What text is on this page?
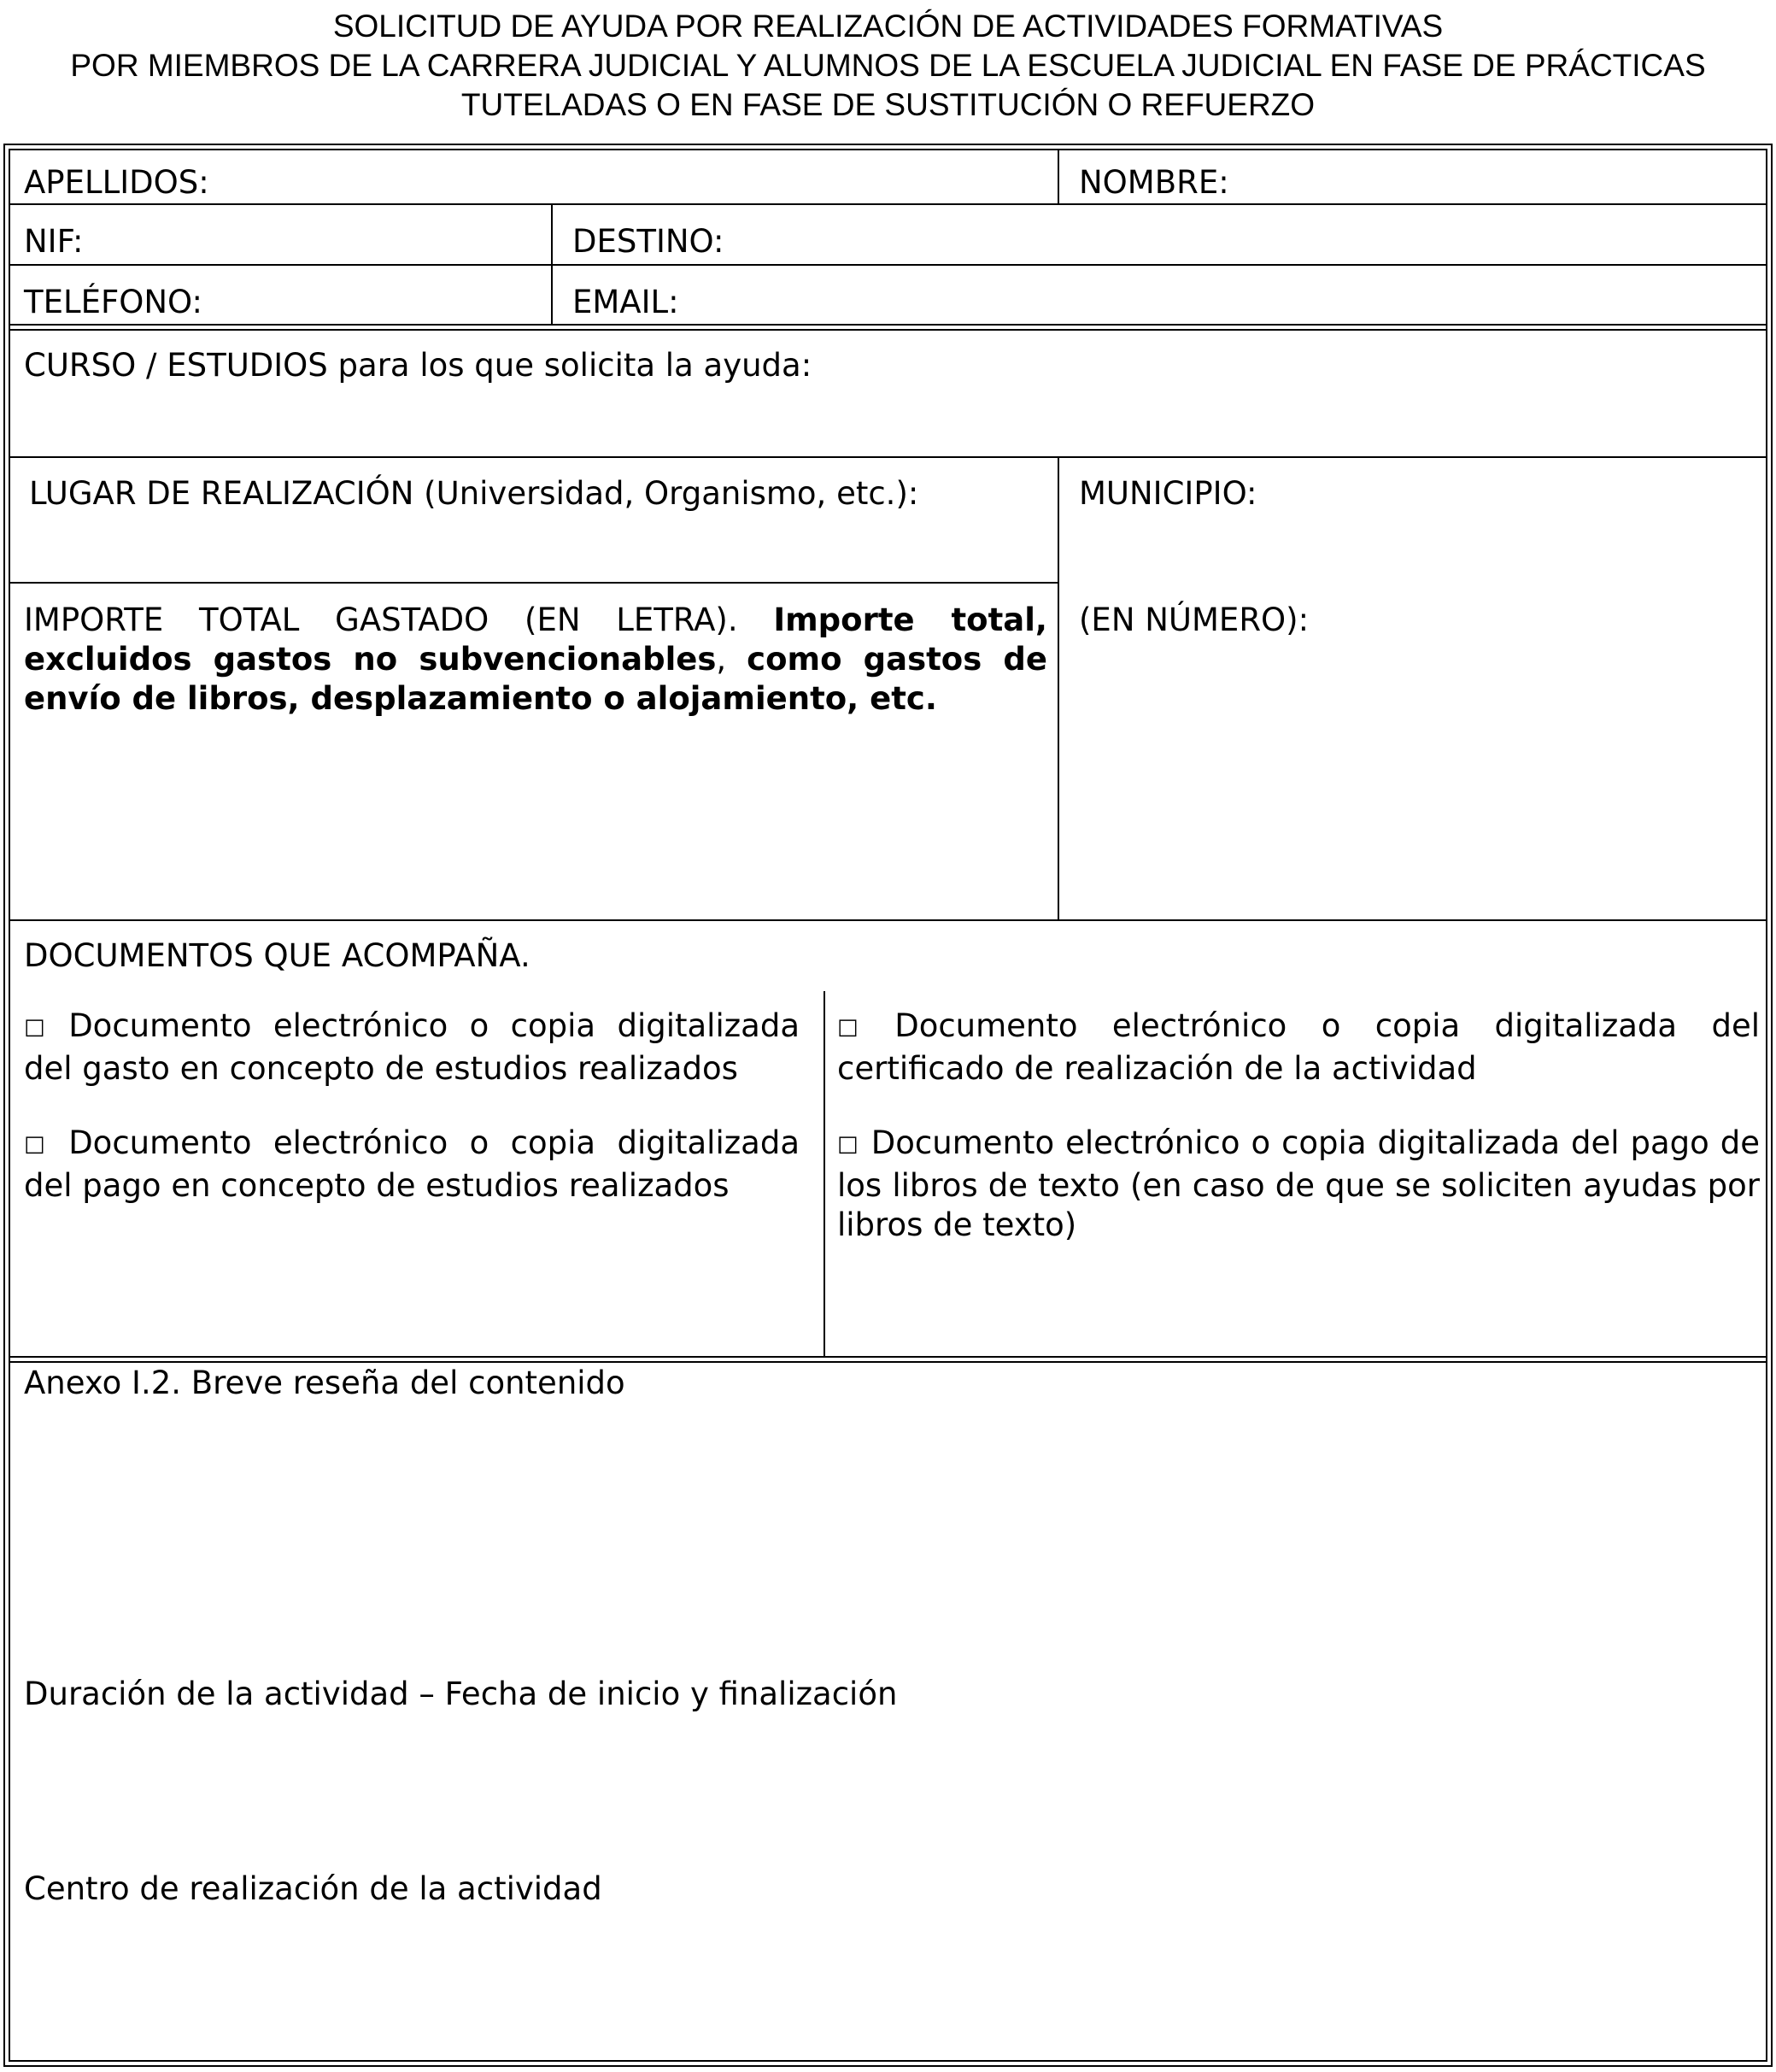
SOLICITUD DE AYUDA POR REALIZACIÓN DE ACTIVIDADES FORMATIVAS
POR MIEMBROS DE LA CARRERA JUDICIAL Y ALUMNOS DE LA ESCUELA JUDICIAL EN FASE DE PRÁCTICAS
TUTELADAS O EN FASE DE SUSTITUCIÓN O REFUERZO
APELLIDOS:	NOMBRE:
NIF:	DESTINO:
TELÉFONO:	EMAIL:
CURSO / ESTUDIOS para los que solicita la ayuda:
LUGAR DE REALIZACIÓN (Universidad, Organismo, etc.):	MUNICIPIO:
IMPORTE TOTAL GASTADO (EN LETRA). Importe total, excluidos gastos no subvencionables, como gastos de envío de libros, desplazamiento o alojamiento, etc.
(EN NÚMERO):
DOCUMENTOS QUE ACOMPAÑA.
□ Documento electrónico o copia digitalizada del gasto en concepto de estudios realizados
□ Documento electrónico o copia digitalizada del pago en concepto de estudios realizados
□ Documento electrónico o copia digitalizada del certificado de realización de la actividad
□ Documento electrónico o copia digitalizada del pago de los libros de texto (en caso de que se soliciten ayudas por libros de texto)
Anexo I.2. Breve reseña del contenido
Duración de la actividad – Fecha de inicio y finalización
Centro de realización de la actividad
